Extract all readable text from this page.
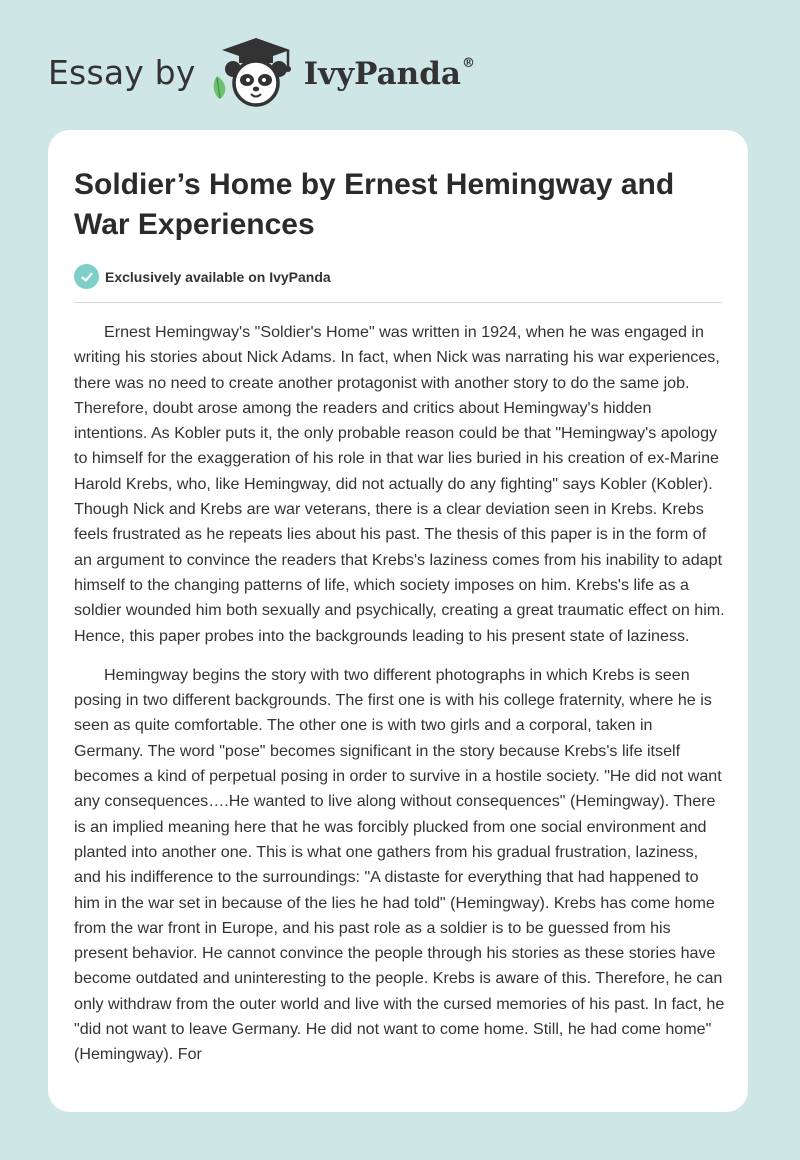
Essay by	IvyPanda®
Soldier’s Home by Ernest Hemingway and War Experiences
Exclusively available on IvyPanda

Ernest Hemingway's "Soldier's Home" was written in 1924, when he was engaged in writing his stories about Nick Adams. In fact, when Nick was narrating his war experiences, there was no need to create another protagonist with another story to do the same job. Therefore, doubt arose among the readers and critics about Hemingway's hidden intentions. As Kobler puts it, the only probable reason could be that "Hemingway's apology to himself for the exaggeration of his role in that war lies buried in his creation of ex-Marine Harold Krebs, who, like Hemingway, did not actually do any fighting" says Kobler (Kobler). Though Nick and Krebs are war veterans, there is a clear deviation seen in Krebs. Krebs feels frustrated as he repeats lies about his past. The thesis of this paper is in the form of an argument to convince the readers that Krebs's laziness comes from his inability to adapt himself to the changing patterns of life, which society imposes on him. Krebs's life as a soldier wounded him both sexually and psychically, creating a great traumatic effect on him. Hence, this paper probes into the backgrounds leading to his present state of laziness.

Hemingway begins the story with two different photographs in which Krebs is seen posing in two different backgrounds. The first one is with his college fraternity, where he is seen as quite comfortable. The other one is with two girls and a corporal, taken in Germany. The word "pose" becomes significant in the story because Krebs's life itself becomes a kind of perpetual posing in order to survive in a hostile society. "He did not want any consequences….He wanted to live along without consequences" (Hemingway). There is an implied meaning here that he was forcibly plucked from one social environment and planted into another one. This is what one gathers from his gradual frustration, laziness, and his indifference to the surroundings: "A distaste for everything that had happened to him in the war set in because of the lies he had told" (Hemingway). Krebs has come home from the war front in Europe, and his past role as a soldier is to be guessed from his present behavior. He cannot convince the people through his stories as these stories have become outdated and uninteresting to the people. Krebs is aware of this. Therefore, he can only withdraw from the outer world and live with the cursed memories of his past. In fact, he "did not want to leave Germany. He did not want to come home. Still, he had come home" (Hemingway). For
